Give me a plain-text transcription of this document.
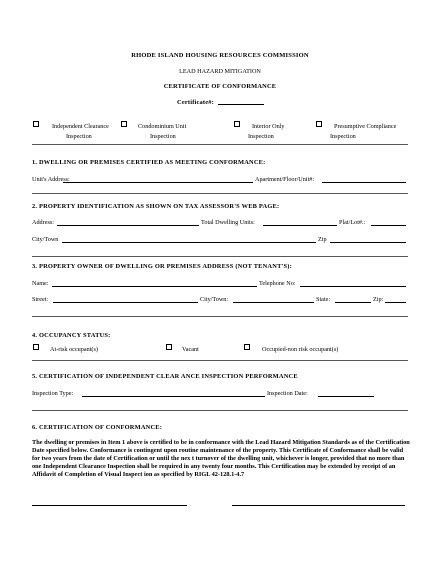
RHODE ISLAND HOUSING RESOURCES COMMISSION
LEAD HAZARD MITIGATION
CERTIFICATE OF CONFORMANCE
Certificate#:
Independent Clearance
Inspection
Condominium Unit
Inspection
Interior Only
Inspection
Presumptive Compliance
Inspection
1. DWELLING OR PREMISES CERTIFIED AS MEETING CONFORMANCE:
Unit's Address:	Apartment/Floor/Unit#:
2. PROPERTY IDENTIFICATION AS SHOWN ON TAX ASSESSOR'S WEB PAGE:
Address:	Total Dwelling Units:	Plat/Lot#.:
City/Town	Zip
3. PROPERTY OWNER OF DWELLING OR PREMISES ADDRESS (NOT TENANT'S):
Name:	Telephone No:
Street:	City/Town:	State:	Zip:
4. OCCUPANCY STATUS:
At-risk occupant(s)	Vacant	Occupied-non risk occupant(s)
5. CERTIFICATION OF INDEPENDENT CLEAR ANCE INSPECTION PERFORMANCE
Inspection Type:	Inspection Date:
6. CERTIFICATION OF CONFORMANCE:
The dwelling or premises in Item 1 above is certified to be in conformance with the Lead Hazard Mitigation Standards as of the Certification Date specified below. Conformance is contingent upon routine maintenance of the property. This Certificate of Conformance shall be valid for two years from the date of Certification or until the nex t turnover of the dwelling unit, whichever is longer, provided that no more than one Independent Clearance Inspection shall be required in any twenty four months. This Certification may be extended by receipt of an Affidavit of Completion of Visual Inspect ion as specified by RIGL 42-128.1-4.7
